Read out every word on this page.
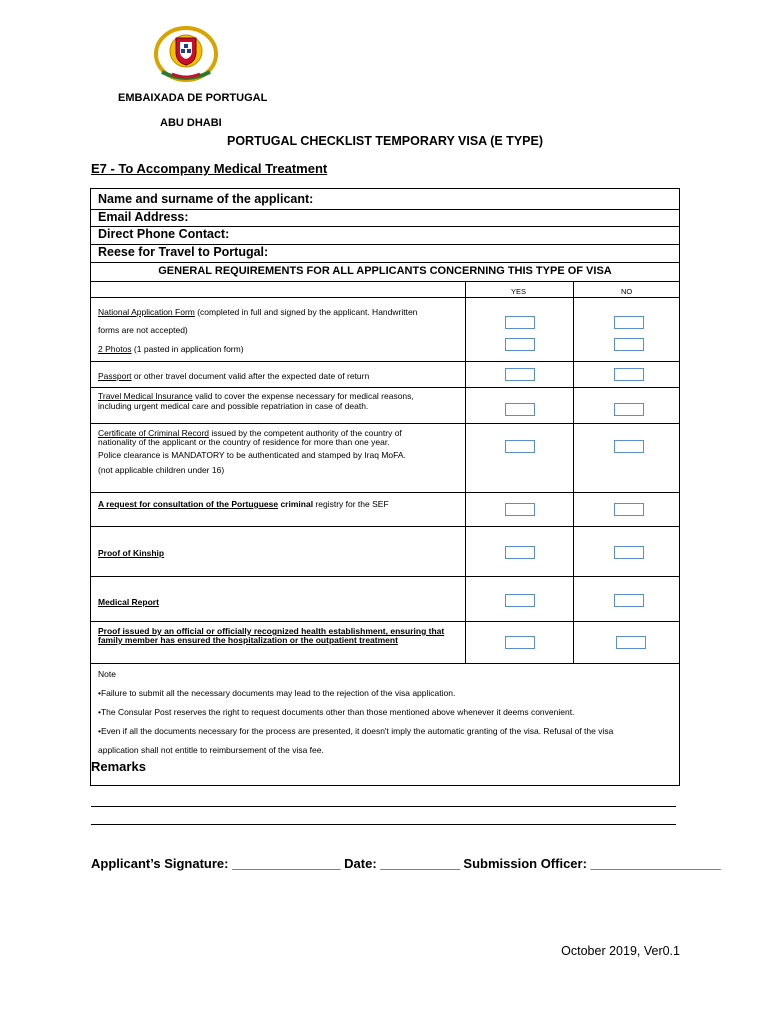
EMBAIXADA DE PORTUGAL
ABU DHABI
PORTUGAL CHECKLIST TEMPORARY VISA (E TYPE)
E7 - To Accompany Medical Treatment
Name and surname of the applicant:
Email Address:
Direct Phone Contact:
Reese for Travel to Portugal:
GENERAL REQUIREMENTS FOR ALL APPLICANTS CONCERNING THIS TYPE OF VISA
YES	NO
National Application Form (completed in full and signed by the applicant. Handwritten
forms are not accepted)
2 Photos (1 pasted in application form)
Passport or other travel document valid after the expected date of return
Travel Medical Insurance valid to cover the expense necessary for medical reasons,
including urgent medical care and possible repatriation in case of death.
Certificate of Criminal Record issued by the competent authority of the country of
nationality of the applicant or the country of residence for more than one year.
Police clearance is MANDATORY to be authenticated and stamped by Iraq MoFA.
(not applicable children under 16)
A request for consultation of the Portuguese criminal registry for the SEF
Proof of Kinship
Medical Report
Proof issued by an official or officially recognized health establishment, ensuring that
family member has ensured the hospitalization or the outpatient treatment
Note
•Failure to submit all the necessary documents may lead to the rejection of the visa application.
•The Consular Post reserves the right to request documents other than those mentioned above whenever it deems convenient.
•Even if all the documents necessary for the process are presented, it doesn't imply the automatic granting of the visa. Refusal of the visa
application shall not entitle to reimbursement of the visa fee.
Remarks
Applicant’s Signature: _______________ Date: ___________ Submission Officer: __________________
October 2019, Ver0.1
